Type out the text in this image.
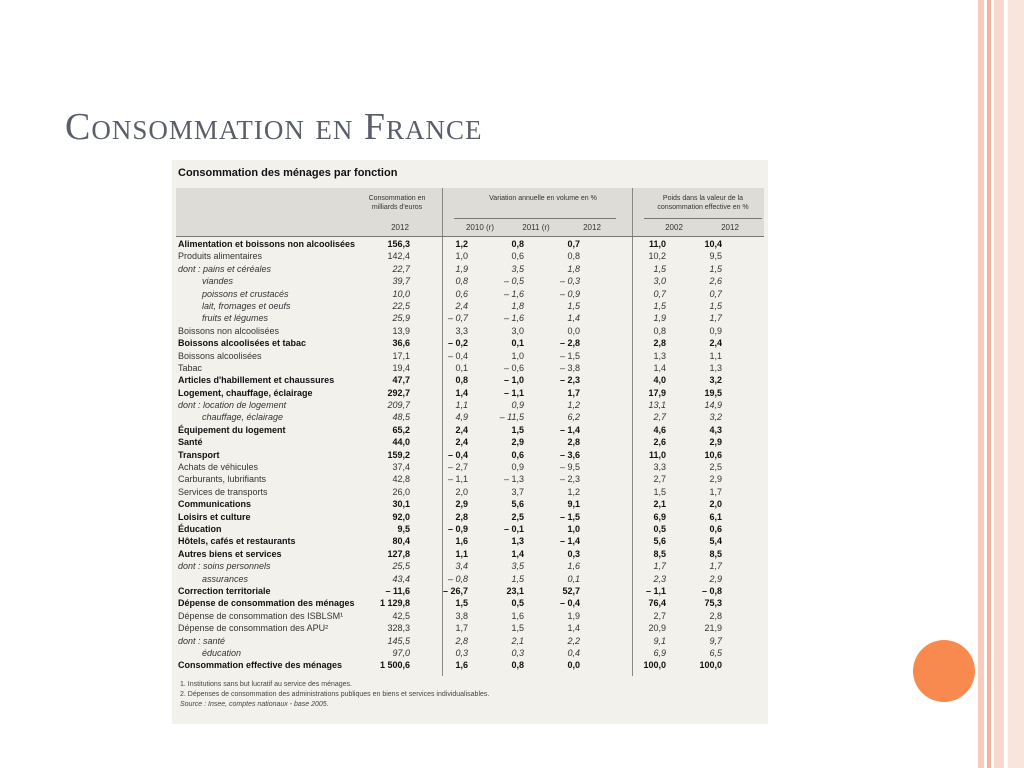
Consommation en France
Consommation des ménages par fonction
Consommation en milliards d'euros
Variation annuelle en volume en %	Poids dans la valeur de la consommation effective en %
2012	2010 (r)	2011 (r)	2012	2002	2012
Alimentation et boissons non alcoolisées	156,3	1,2	0,8	0,7	11,0	10,4
Produits alimentaires	142,4	1,0	0,6	0,8	10,2	9,5
dont : pains et céréales	22,7	1,9	3,5	1,8	1,5	1,5
viandes	39,7	0,8	– 0,5	– 0,3	3,0	2,6
poissons et crustacés	10,0	0,6	– 1,6	– 0,9	0,7	0,7
lait, fromages et oeufs	22,5	2,4	1,8	1,5	1,5	1,5
fruits et légumes	25,9	– 0,7	– 1,6	1,4	1,9	1,7
Boissons non alcoolisées	13,9	3,3	3,0	0,0	0,8	0,9
Boissons alcoolisées et tabac	36,6	– 0,2	0,1	– 2,8	2,8	2,4
Boissons alcoolisées	17,1	– 0,4	1,0	– 1,5	1,3	1,1
Tabac	19,4	0,1	– 0,6	– 3,8	1,4	1,3
Articles d'habillement et chaussures	47,7	0,8	– 1,0	– 2,3	4,0	3,2
Logement, chauffage, éclairage	292,7	1,4	– 1,1	1,7	17,9	19,5
dont : location de logement	209,7	1,1	0,9	1,2	13,1	14,9
chauffage, éclairage	48,5	4,9	– 11,5	6,2	2,7	3,2
Équipement du logement	65,2	2,4	1,5	– 1,4	4,6	4,3
Santé	44,0	2,4	2,9	2,8	2,6	2,9
Transport	159,2	– 0,4	0,6	– 3,6	11,0	10,6
Achats de véhicules	37,4	– 2,7	0,9	– 9,5	3,3	2,5
Carburants, lubrifiants	42,8	– 1,1	– 1,3	– 2,3	2,7	2,9
Services de transports	26,0	2,0	3,7	1,2	1,5	1,7
Communications	30,1	2,9	5,6	9,1	2,1	2,0
Loisirs et culture	92,0	2,8	2,5	– 1,5	6,9	6,1
Éducation	9,5	– 0,9	– 0,1	1,0	0,5	0,6
Hôtels, cafés et restaurants	80,4	1,6	1,3	– 1,4	5,6	5,4
Autres biens et services	127,8	1,1	1,4	0,3	8,5	8,5
dont : soins personnels	25,5	3,4	3,5	1,6	1,7	1,7
assurances	43,4	– 0,8	1,5	0,1	2,3	2,9
Correction territoriale	– 11,6	– 26,7	23,1	52,7	– 1,1	– 0,8
Dépense de consommation des ménages	1 129,8	1,5	0,5	– 0,4	76,4	75,3
Dépense de consommation des ISBLSM¹	42,5	3,8	1,6	1,9	2,7	2,8
Dépense de consommation des APU²	328,3	1,7	1,5	1,4	20,9	21,9
dont : santé	145,5	2,8	2,1	2,2	9,1	9,7
éducation	97,0	0,3	0,3	0,4	6,9	6,5
Consommation effective des ménages	1 500,6	1,6	0,8	0,0	100,0	100,0
1. Institutions sans but lucratif au service des ménages.
2. Dépenses de consommation des administrations publiques en biens et services individualisables.
Source : Insee, comptes nationaux - base 2005.
